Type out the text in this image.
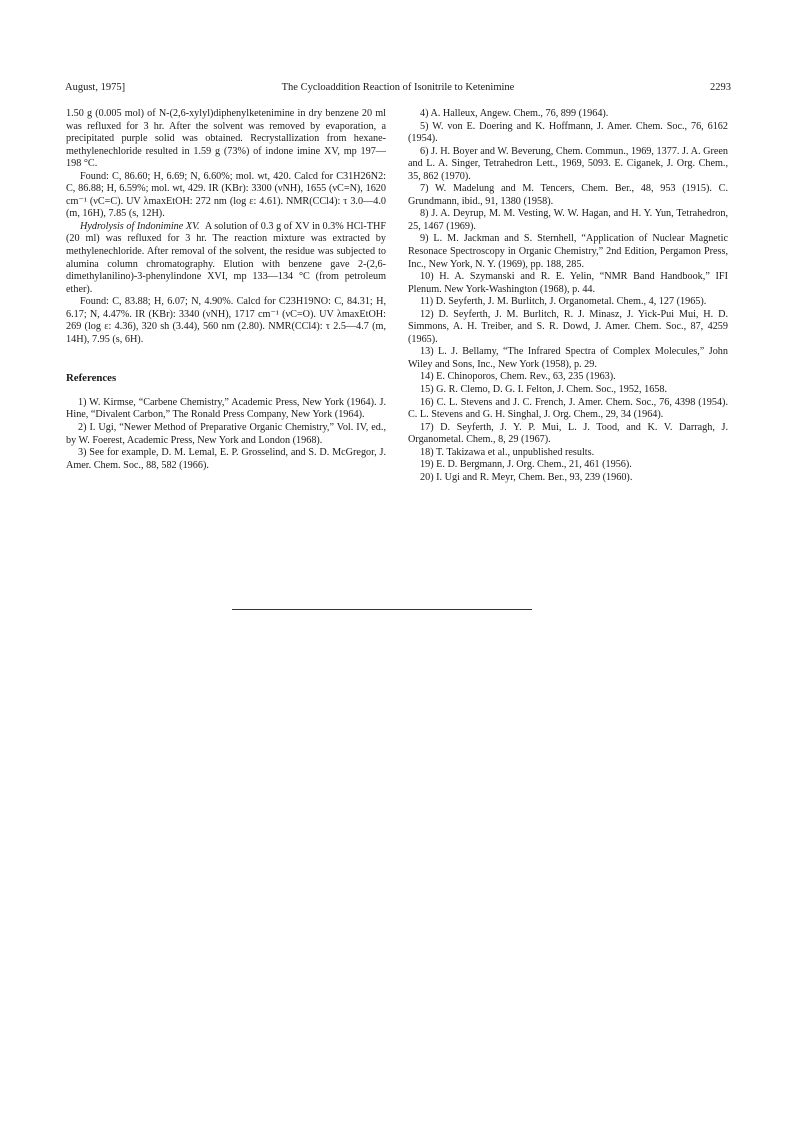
August, 1975]	The Cycloaddition Reaction of Isonitrile to Ketenimine	2293

1.50 g (0.005 mol) of N-(2,6-xylyl)diphenylketenimine in dry benzene 20 ml was refluxed for 3 hr. After the solvent was removed by evaporation, a precipitated purple solid was obtained. Recrystallization from hexane-methylenechloride resulted in 1.59 g (73%) of indone imine XV, mp 197—198 °C.

Found: C, 86.60; H, 6.69; N, 6.60%; mol. wt, 420. Calcd for C31H26N2: C, 86.88; H, 6.59%; mol. wt, 429. IR (KBr): 3300 (νNH), 1655 (νC=N), 1620 cm⁻¹ (νC=C). UV λmaxEtOH: 272 nm (log ε: 4.61). NMR(CCl4): τ 3.0—4.0 (m, 16H), 7.85 (s, 12H).

Hydrolysis of Indonimine XV. A solution of 0.3 g of XV in 0.3% HCl-THF (20 ml) was refluxed for 3 hr. The reaction mixture was extracted by methylenechloride. After removal of the solvent, the residue was subjected to alumina column chromatography. Elution with benzene gave 2-(2,6-dimethylanilino)-3-phenylindone XVI, mp 133—134 °C (from petroleum ether).

Found: C, 83.88; H, 6.07; N, 4.90%. Calcd for C23H19NO: C, 84.31; H, 6.17; N, 4.47%. IR (KBr): 3340 (νNH), 1717 cm⁻¹ (νC=O). UV λmaxEtOH: 269 (log ε: 4.36), 320 sh (3.44), 560 nm (2.80). NMR(CCl4): τ 2.5—4.7 (m, 14H), 7.95 (s, 6H).

References

1) W. Kirmse, “Carbene Chemistry,” Academic Press, New York (1964). J. Hine, “Divalent Carbon,” The Ronald Press Company, New York (1964).

2) I. Ugi, “Newer Method of Preparative Organic Chemistry,” Vol. IV, ed., by W. Foerest, Academic Press, New York and London (1968).

3) See for example, D. M. Lemal, E. P. Grosselind, and S. D. McGregor, J. Amer. Chem. Soc., 88, 582 (1966).

4) A. Halleux, Angew. Chem., 76, 899 (1964).

5) W. von E. Doering and K. Hoffmann, J. Amer. Chem. Soc., 76, 6162 (1954).

6) J. H. Boyer and W. Beverung, Chem. Commun., 1969, 1377. J. A. Green and L. A. Singer, Tetrahedron Lett., 1969, 5093. E. Ciganek, J. Org. Chem., 35, 862 (1970).

7) W. Madelung and M. Tencers, Chem. Ber., 48, 953 (1915). C. Grundmann, ibid., 91, 1380 (1958).

8) J. A. Deyrup, M. M. Vesting, W. W. Hagan, and H. Y. Yun, Tetrahedron, 25, 1467 (1969).

9) L. M. Jackman and S. Sternhell, “Application of Nuclear Magnetic Resonace Spectroscopy in Organic Chemistry,” 2nd Edition, Pergamon Press, Inc., New York, N. Y. (1969), pp. 188, 285.

10) H. A. Szymanski and R. E. Yelin, “NMR Band Handbook,” IFI Plenum. New York-Washington (1968), p. 44.

11) D. Seyferth, J. M. Burlitch, J. Organometal. Chem., 4, 127 (1965).

12) D. Seyferth, J. M. Burlitch, R. J. Minasz, J. Yick-Pui Mui, H. D. Simmons, A. H. Treiber, and S. R. Dowd, J. Amer. Chem. Soc., 87, 4259 (1965).

13) L. J. Bellamy, “The Infrared Spectra of Complex Molecules,” John Wiley and Sons, Inc., New York (1958), p. 29.

14) E. Chinoporos, Chem. Rev., 63, 235 (1963).

15) G. R. Clemo, D. G. I. Felton, J. Chem. Soc., 1952, 1658.

16) C. L. Stevens and J. C. French, J. Amer. Chem. Soc., 76, 4398 (1954). C. L. Stevens and G. H. Singhal, J. Org. Chem., 29, 34 (1964).

17) D. Seyferth, J. Y. P. Mui, L. J. Tood, and K. V. Darragh, J. Organometal. Chem., 8, 29 (1967).

18) T. Takizawa et al., unpublished results.

19) E. D. Bergmann, J. Org. Chem., 21, 461 (1956).

20) I. Ugi and R. Meyr, Chem. Ber., 93, 239 (1960).
